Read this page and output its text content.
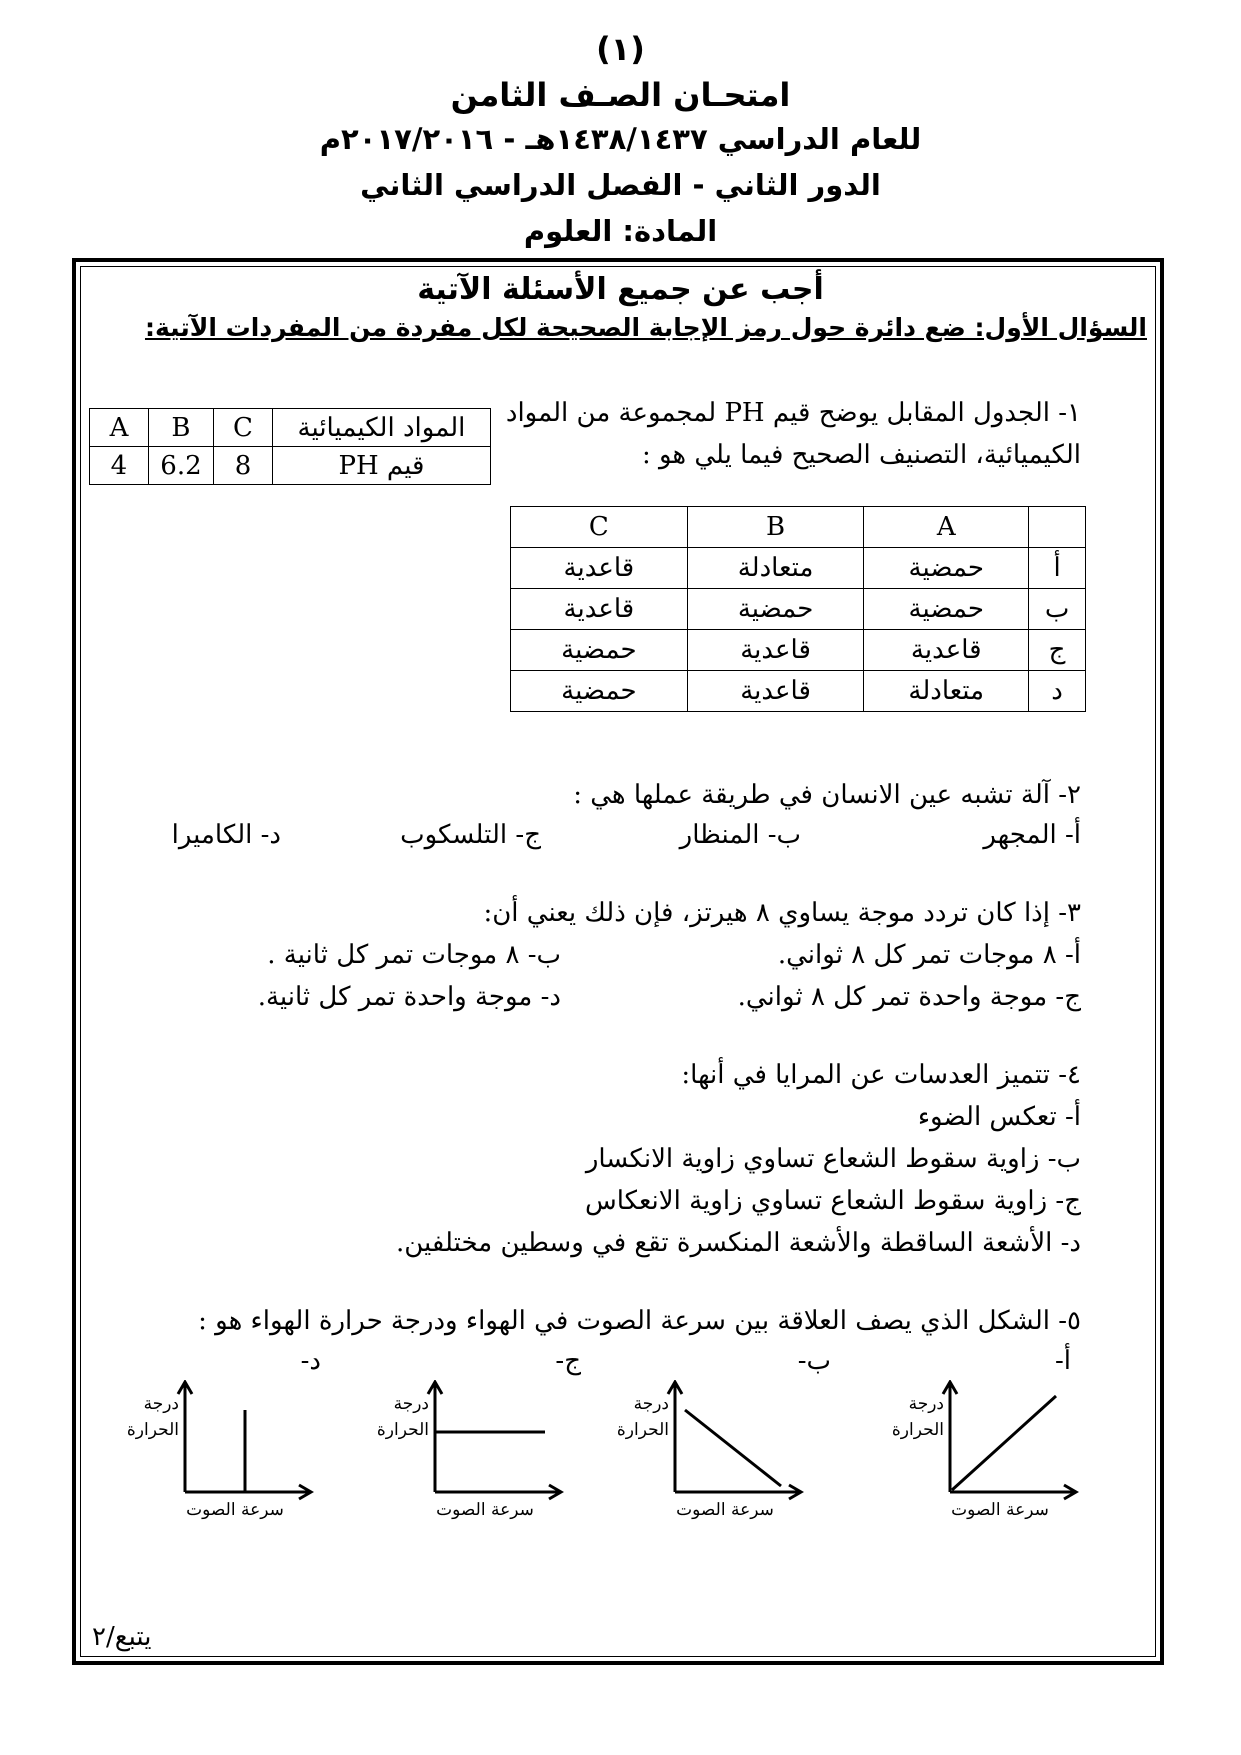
(١)
امتحـان الصـف الثامن
للعام الدراسي ١٤٣٨/١٤٣٧هـ - ٢٠١٧/٢٠١٦م
الدور الثاني - الفصل الدراسي الثاني
المادة: العلوم
أجب عن جميع الأسئلة الآتية
السؤال الأول: ضع دائرة حول رمز الإجابة الصحيحة لكل مفردة من المفردات الآتية:
١- الجدول المقابل يوضح قيم PH لمجموعة من المواد
الكيميائية، التصنيف الصحيح فيما يلي هو :
A	B	C	المواد الكيميائية
4	6.2	8	قيم PH
	A	B	C
أ	حمضية	متعادلة	قاعدية
ب	حمضية	حمضية	قاعدية
ج	قاعدية	قاعدية	حمضية
د	متعادلة	قاعدية	حمضية
٢- آلة تشبه عين الانسان في طريقة عملها هي :
أ- المجهر
ب- المنظار
ج- التلسكوب
د- الكاميرا
٣- إذا كان تردد موجة يساوي ٨ هيرتز، فإن ذلك يعني أن:
أ- ٨ موجات تمر كل ٨ ثواني.
ب- ٨ موجات تمر كل ثانية .
ج- موجة واحدة تمر كل ٨ ثواني.
د- موجة واحدة تمر كل ثانية.
٤- تتميز العدسات عن المرايا في أنها:
أ- تعكس الضوء
ب- زاوية سقوط الشعاع تساوي زاوية الانكسار
ج- زاوية سقوط الشعاع تساوي زاوية الانعكاس
د- الأشعة الساقطة والأشعة المنكسرة تقع في وسطين مختلفين.
٥- الشكل الذي يصف العلاقة بين سرعة الصوت في الهواء ودرجة حرارة الهواء هو :
أ-
ب-
ج-
د-
درجة
الحرارة
سرعة الصوت
درجة
الحرارة
سرعة الصوت
درجة
الحرارة
سرعة الصوت
درجة
الحرارة
سرعة الصوت
يتبع/٢
